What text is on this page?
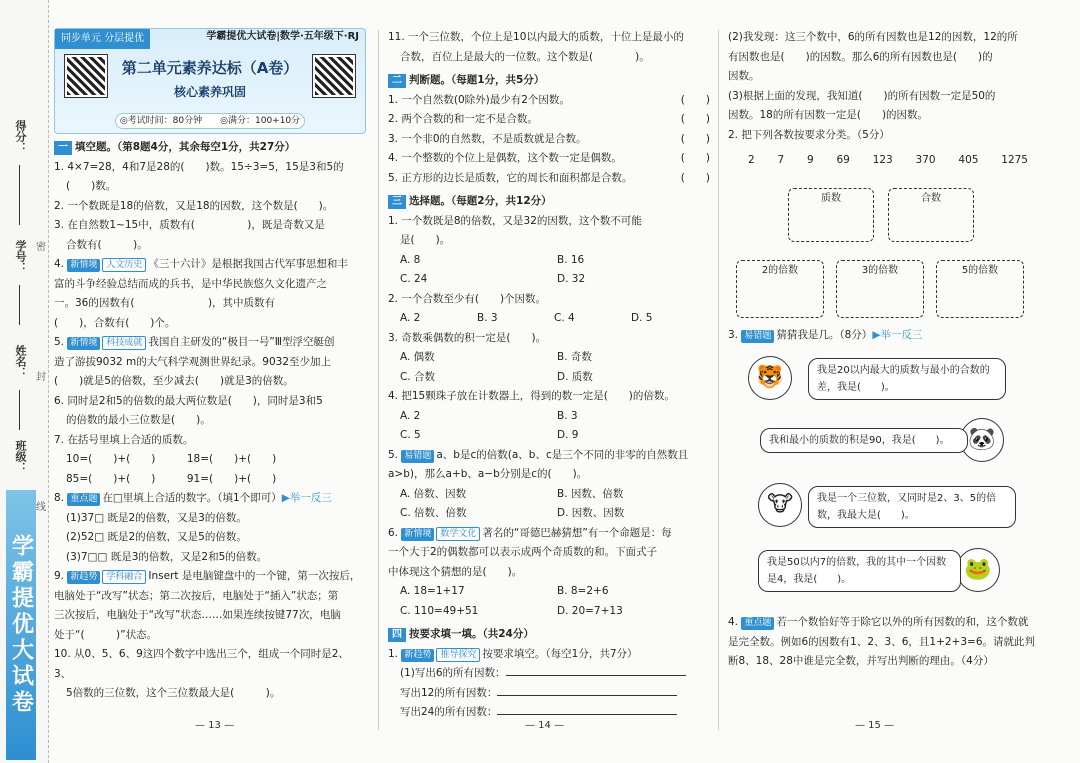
得分：
学号：
姓名：
班级：
密
封
线
学霸提优大试卷
同步单元 分层提优	学霸提优大试卷|数学·五年级下·RJ
第二单元素养达标（A卷）
核心素养巩固
◎考试时间：80分钟　　◎满分：100+10分
一 填空题。（第8题4分，其余每空1分，共27分）

1. 4×7=28，4和7是28的(　　)数。15÷3=5，15是3和5的

(　　)数。

2. 一个数既是18的倍数，又是18的因数，这个数是(　　)。

3. 在自然数1~15中，质数有(　　　　　)，既是奇数又是

合数有(　　　)。

4. 新情境 人文历史 《三十六计》是根据我国古代军事思想和丰

富的斗争经验总结而成的兵书，是中华民族悠久文化遗产之

一。36的因数有(　　　　　　　)，其中质数有

(　　)，合数有(　　)个。

5. 新情境 科技成就 我国自主研发的“极目一号”Ⅲ型浮空艇创

造了游拔9032 m的大气科学观测世界纪录。9032至少加上

(　　)就是5的倍数，至少减去(　　)就是3的倍数。

6. 同时是2和5的倍数的最大两位数是(　　)，同时是3和5

的倍数的最小三位数是(　　)。

7. 在括号里填上合适的质数。

10=(　　)+(　　)　　　18=(　　)+(　　)

85=(　　)+(　　)　　　91=(　　)+(　　)

8. 重点题 在□里填上合适的数字。（填1个即可）▶举一反三

(1)37□ 既是2的倍数，又是3的倍数。

(2)52□ 既是2的倍数，又是5的倍数。

(3)7□□ 既是3的倍数，又是2和5的倍数。

9. 新趋势 学科融合 Insert 是电脑键盘中的一个键，第一次按后，

电脑处于“改写”状态；第二次按后，电脑处于“插入”状态；第

三次按后，电脑处于“改写”状态……如果连续按键77次，电脑

处于“(　　　)”状态。

10. 从0、5、6、9这四个数字中选出三个，组成一个同时是2、3、

5倍数的三位数，这个三位数最大是(　　　)。

— 13 —

11. 一个三位数，个位上是10以内最大的质数，十位上是最小的

合数，百位上是最大的一位数。这个数是(　　　　)。

二 判断题。（每题1分，共5分）

1. 一个自然数(0除外)最少有2个因数。	(　　)

2. 两个合数的和一定不是合数。	(　　)

3. 一个非0的自然数，不是质数就是合数。	(　　)

4. 一个整数的个位上是偶数，这个数一定是偶数。	(　　)

5. 正方形的边长是质数，它的周长和面积都是合数。	(　　)

三 选择题。（每题2分，共12分）

1. 一个数既是8的倍数，又是32的因数，这个数不可能

是(　　)。

A. 8	B. 16
C. 24	D. 32

2. 一个合数至少有(　　)个因数。

A. 2	B. 3	C. 4	D. 5

3. 奇数乘偶数的积一定是(　　)。

A. 偶数	B. 奇数
C. 合数	D. 质数

4. 把15颗珠子放在计数器上，得到的数一定是(　　)的倍数。

A. 2	B. 3
C. 5	D. 9

5. 易错题 a、b是c的倍数(a、b、c是三个不同的非零的自然数且

a>b)，那么a+b、a−b分别是c的(　　)。

A. 倍数、因数	B. 因数、倍数
C. 倍数、倍数	D. 因数、因数

6. 新情境 数学文化 著名的“哥德巴赫猜想”有一个命题是：每

一个大于2的偶数都可以表示成两个奇质数的和。下面式子

中体现这个猜想的是(　　)。

A. 18=1+17	B. 8=2+6
C. 110=49+51	D. 20=7+13
四 按要求填一填。（共24分）

1. 新趋势 推导探究 按要求填空。（每空1分，共7分）

(1)写出6的所有因数：

写出12的所有因数：

写出24的所有因数：

— 14 —

(2)我发现：这三个数中，6的所有因数也是12的因数，12的所

有因数也是(　　)的因数。那么6的所有因数也是(　　)的

因数。

(3)根据上面的发现，我知道(　　)的所有因数一定是50的

因数。18的所有因数一定是(　　)的因数。

2. 把下列各数按要求分类。（5分）

2 7 9 69 123 370 405 1275
质数	合数
2的倍数	3的倍数	5的倍数
3. 易错题 猜猜我是几。（8分）▶举一反三
🐯	我是20以内最大的质数与最小的合数的差，我是(　　)。
🐼
我和最小的质数的积是90，我是(　　)。
🐮	我是一个三位数，又同时是2、3、5的倍数，我最大是(　　)。
🐸
我是50以内7的倍数，我的其中一个因数是4，我是(　　)。

4. 重点题 若一个数恰好等于除它以外的所有因数的和，这个数就

是完全数。例如6的因数有1、2、3、6，且1+2+3=6。请就此判

断8、18、28中谁是完全数，并写出判断的理由。（4分）

— 15 —
